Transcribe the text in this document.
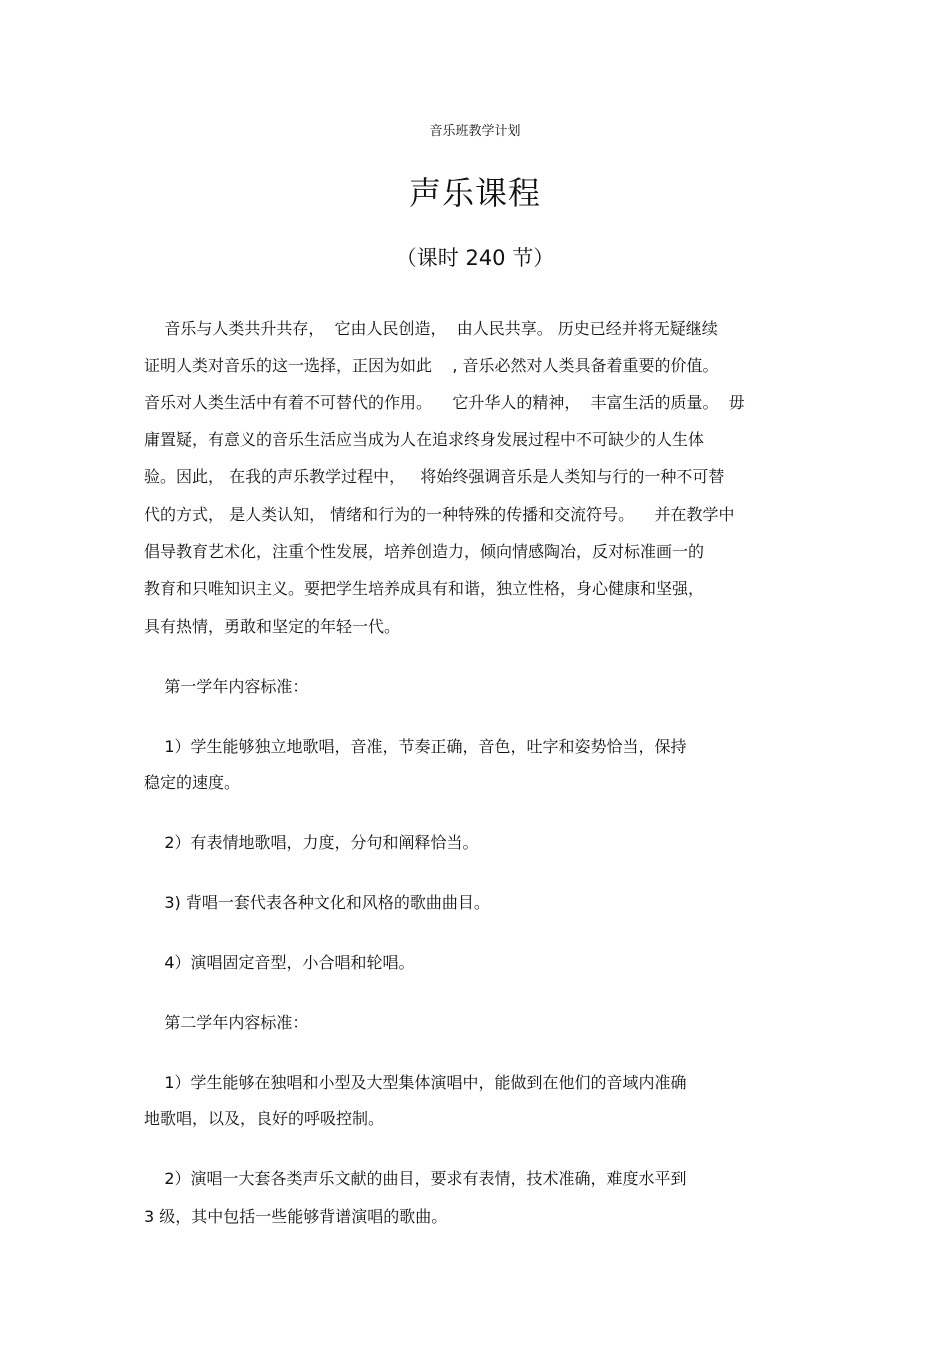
音乐班教学计划
声乐课程
（课时 240 节）
音乐与人类共升共存，  它由人民创造，  由人民共享。 历史已经并将无疑继续
证明人类对音乐的这一选择，正因为如此    , 音乐必然对人类具备着重要的价值。
音乐对人类生活中有着不可替代的作用。    它升华人的精神，  丰富生活的质量。  毋
庸置疑，有意义的音乐生活应当成为人在追求终身发展过程中不可缺少的人生体
验。因此， 在我的声乐教学过程中，   将始终强调音乐是人类知与行的一种不可替
代的方式， 是人类认知， 情绪和行为的一种特殊的传播和交流符号。    并在教学中
倡导教育艺术化，注重个性发展，培养创造力，倾向情感陶冶，反对标准画一的
教育和只唯知识主义。要把学生培养成具有和谐，独立性格，身心健康和坚强，
具有热情，勇敢和坚定的年轻一代。
第一学年内容标准：
1）学生能够独立地歌唱，音准，节奏正确，音色，吐字和姿势恰当，保持
稳定的速度。
2）有表情地歌唱，力度，分句和阐释恰当。
3) 背唱一套代表各种文化和风格的歌曲曲目。
4）演唱固定音型，小合唱和轮唱。
第二学年内容标准：
1）学生能够在独唱和小型及大型集体演唱中，能做到在他们的音域内准确
地歌唱，以及，良好的呼吸控制。
2）演唱一大套各类声乐文献的曲目，要求有表情，技术准确，难度水平到
3 级，其中包括一些能够背谱演唱的歌曲。
